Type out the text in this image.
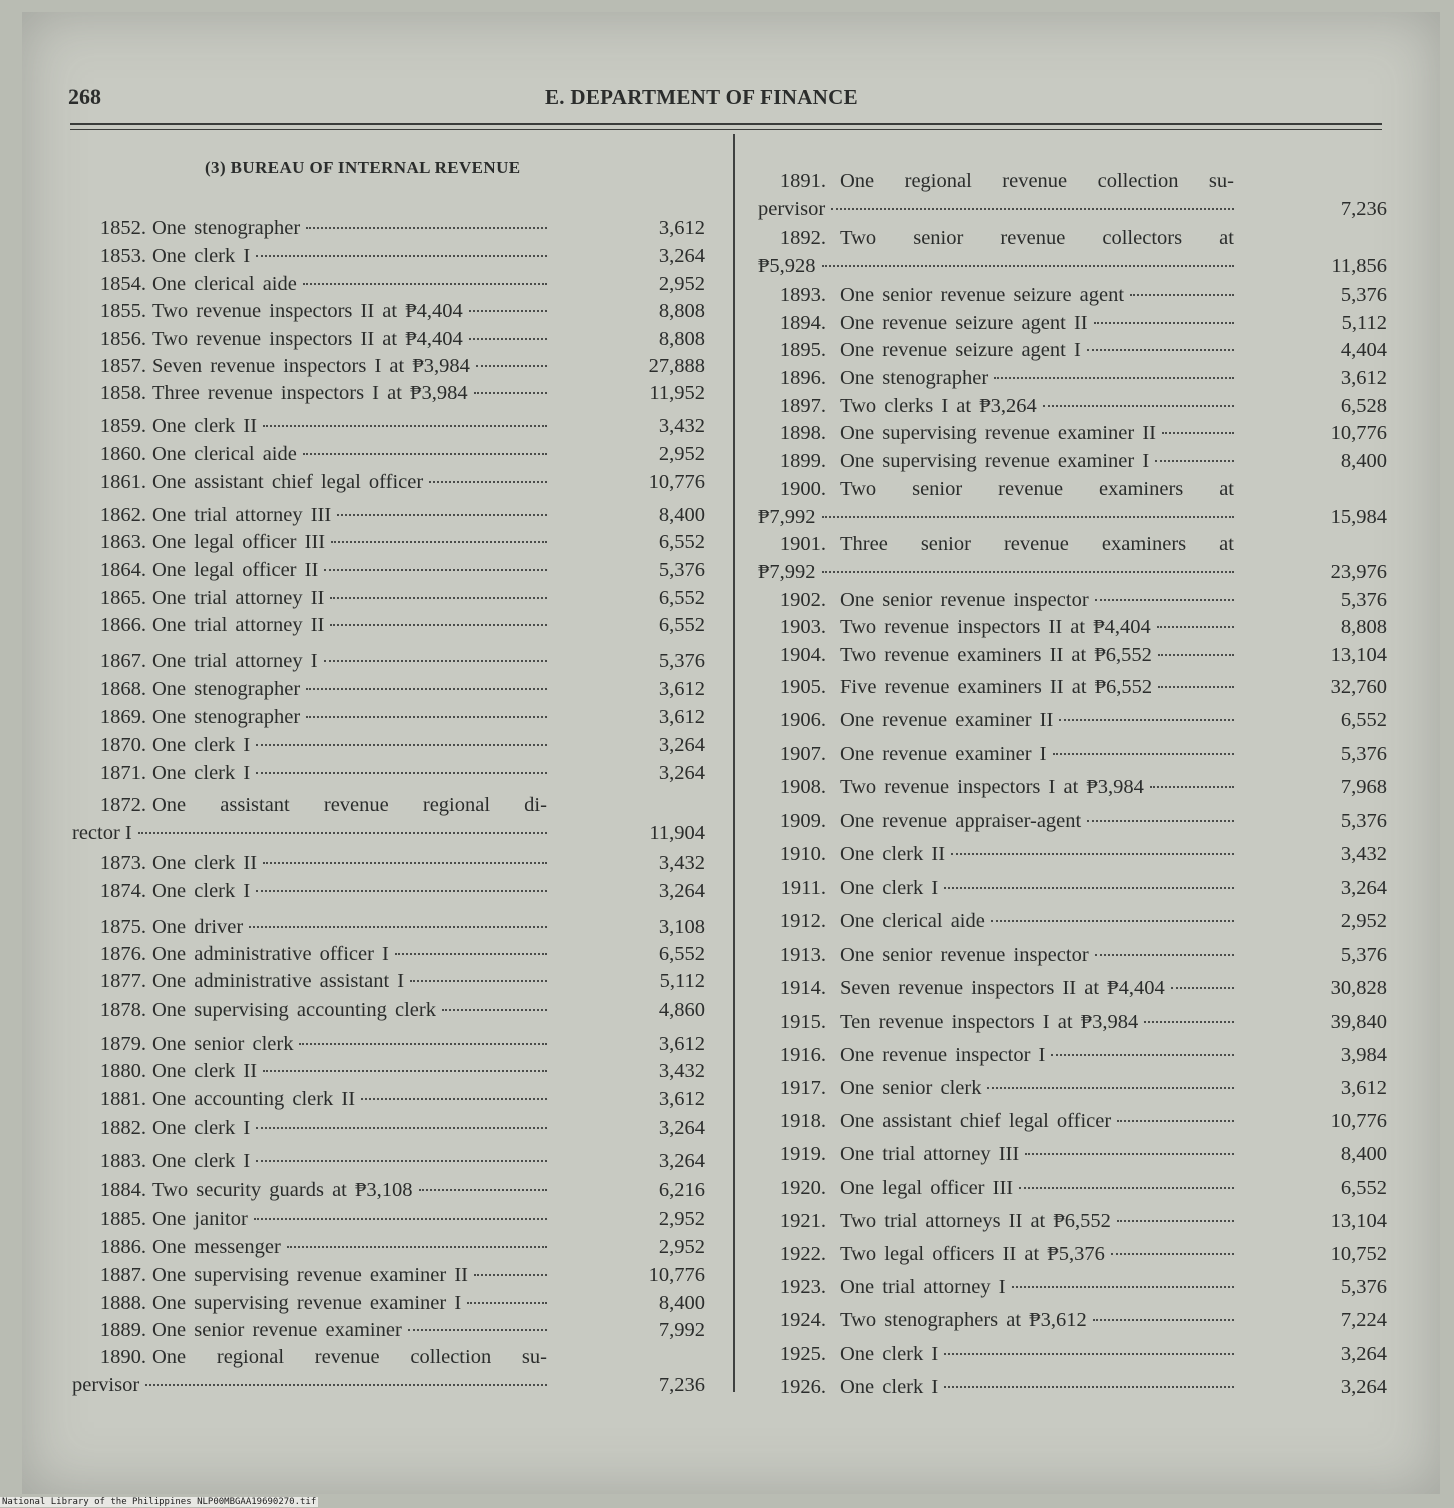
268	E. DEPARTMENT OF FINANCE
(3) BUREAU OF INTERNAL REVENUE
1852. One stenographer	3,612
1853. One clerk I	3,264
1854. One clerical aide	2,952
1855. Two revenue inspectors II at ₱4,404	8,808
1856. Two revenue inspectors II at ₱4,404	8,808
1857. Seven revenue inspectors I at ₱3,984	27,888
1858. Three revenue inspectors I at ₱3,984	11,952
1859. One clerk II	3,432
1860. One clerical aide	2,952
1861. One assistant chief legal officer	10,776
1862. One trial attorney III	8,400
1863. One legal officer III	6,552
1864. One legal officer II	5,376
1865. One trial attorney II	6,552
1866. One trial attorney II	6,552
1867. One trial attorney I	5,376
1868. One stenographer	3,612
1869. One stenographer	3,612
1870. One clerk I	3,264
1871. One clerk I	3,264
1872. One assistant revenue regional di-
rector I	11,904
1873. One clerk II	3,432
1874. One clerk I	3,264
1875. One driver	3,108
1876. One administrative officer I	6,552
1877. One administrative assistant I	5,112
1878. One supervising accounting clerk	4,860
1879. One senior clerk	3,612
1880. One clerk II	3,432
1881. One accounting clerk II	3,612
1882. One clerk I	3,264
1883. One clerk I	3,264
1884. Two security guards at ₱3,108	6,216
1885. One janitor	2,952
1886. One messenger	2,952
1887. One supervising revenue examiner II	10,776
1888. One supervising revenue examiner I	8,400
1889. One senior revenue examiner	7,992
1890. One regional revenue collection su-
pervisor	7,236
1891. One regional revenue collection su-
pervisor	7,236
1892. Two senior revenue collectors at
₱5,928	11,856
1893. One senior revenue seizure agent	5,376
1894. One revenue seizure agent II	5,112
1895. One revenue seizure agent I	4,404
1896. One stenographer	3,612
1897. Two clerks I at ₱3,264	6,528
1898. One supervising revenue examiner II	10,776
1899. One supervising revenue examiner I	8,400
1900. Two senior revenue examiners at
₱7,992	15,984
1901. Three senior revenue examiners at
₱7,992	23,976
1902. One senior revenue inspector	5,376
1903. Two revenue inspectors II at ₱4,404	8,808
1904. Two revenue examiners II at ₱6,552	13,104
1905. Five revenue examiners II at ₱6,552	32,760
1906. One revenue examiner II	6,552
1907. One revenue examiner I	5,376
1908. Two revenue inspectors I at ₱3,984	7,968
1909. One revenue appraiser-agent	5,376
1910. One clerk II	3,432
1911. One clerk I	3,264
1912. One clerical aide	2,952
1913. One senior revenue inspector	5,376
1914. Seven revenue inspectors II at ₱4,404	30,828
1915. Ten revenue inspectors I at ₱3,984	39,840
1916. One revenue inspector I	3,984
1917. One senior clerk	3,612
1918. One assistant chief legal officer	10,776
1919. One trial attorney III	8,400
1920. One legal officer III	6,552
1921. Two trial attorneys II at ₱6,552	13,104
1922. Two legal officers II at ₱5,376	10,752
1923. One trial attorney I	5,376
1924. Two stenographers at ₱3,612	7,224
1925. One clerk I	3,264
1926. One clerk I	3,264
National Library of the Philippines NLP00MBGAA19690270.tif
